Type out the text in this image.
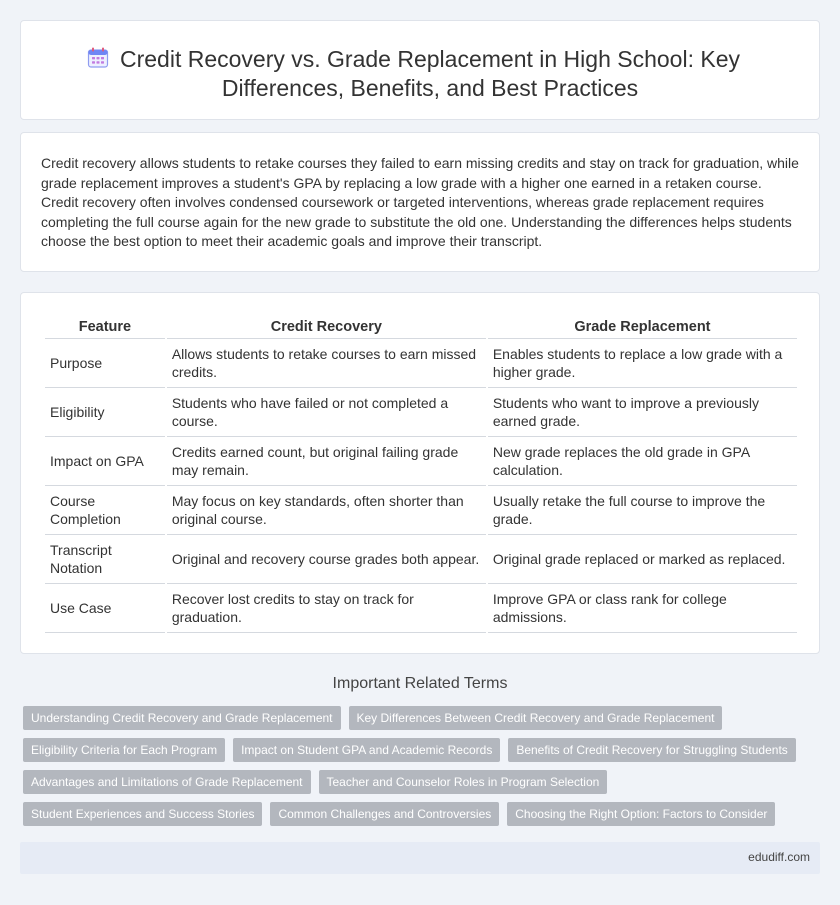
Credit Recovery vs. Grade Replacement in High School: Key Differences, Benefits, and Best Practices

Credit recovery allows students to retake courses they failed to earn missing credits and stay on track for graduation, while grade replacement improves a student's GPA by replacing a low grade with a higher one earned in a retaken course. Credit recovery often involves condensed coursework or targeted interventions, whereas grade replacement requires completing the full course again for the new grade to substitute the old one. Understanding the differences helps students choose the best option to meet their academic goals and improve their transcript.

Feature	Credit Recovery	Grade Replacement
Purpose	Allows students to retake courses to earn missed credits.	Enables students to replace a low grade with a higher grade.
Eligibility	Students who have failed or not completed a course.	Students who want to improve a previously earned grade.
Impact on GPA	Credits earned count, but original failing grade may remain.	New grade replaces the old grade in GPA calculation.
Course Completion	May focus on key standards, often shorter than original course.	Usually retake the full course to improve the grade.
Transcript Notation	Original and recovery course grades both appear.	Original grade replaced or marked as replaced.
Use Case	Recover lost credits to stay on track for graduation.	Improve GPA or class rank for college admissions.
Important Related Terms
Understanding Credit Recovery and Grade Replacement	Key Differences Between Credit Recovery and Grade Replacement
Eligibility Criteria for Each Program	Impact on Student GPA and Academic Records	Benefits of Credit Recovery for Struggling Students
Advantages and Limitations of Grade Replacement	Teacher and Counselor Roles in Program Selection
Student Experiences and Success Stories	Common Challenges and Controversies	Choosing the Right Option: Factors to Consider
edudiff.com
